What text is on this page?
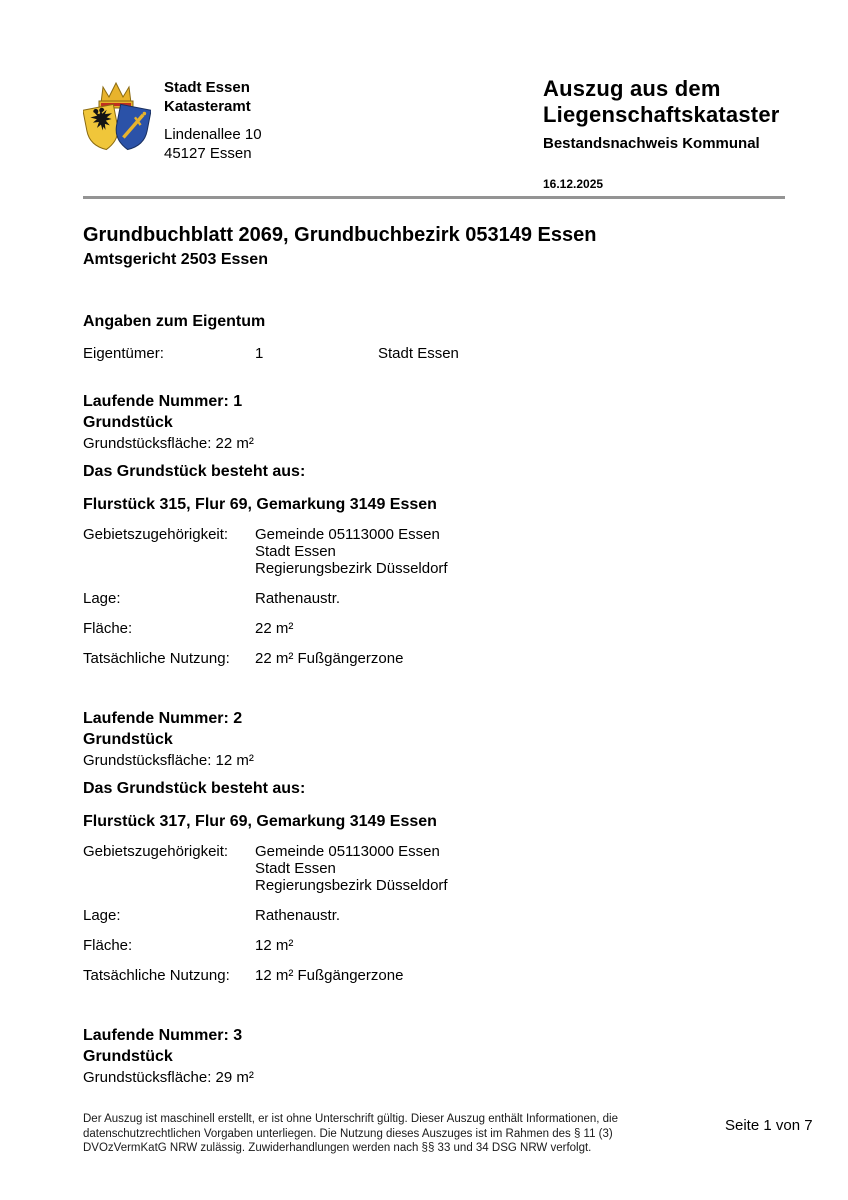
Stadt Essen
Katasteramt
Lindenallee 10
45127 Essen
Auszug aus dem
Liegenschaftskataster
Bestandsnachweis Kommunal
16.12.2025
Grundbuchblatt 2069, Grundbuchbezirk 053149 Essen
Amtsgericht 2503 Essen
Angaben zum Eigentum
Eigentümer:	1	Stadt Essen
Laufende Nummer: 1
Grundstück
Grundstücksfläche: 22 m²
Das Grundstück besteht aus:
Flurstück 315, Flur 69, Gemarkung 3149 Essen
Gebietszugehörigkeit:	Gemeinde 05113000 Essen
Stadt Essen
Regierungsbezirk Düsseldorf
Lage:	Rathenaustr.
Fläche:	22 m²
Tatsächliche Nutzung:	22 m² Fußgängerzone
Laufende Nummer: 2
Grundstück
Grundstücksfläche: 12 m²
Das Grundstück besteht aus:
Flurstück 317, Flur 69, Gemarkung 3149 Essen
Gebietszugehörigkeit:	Gemeinde 05113000 Essen
Stadt Essen
Regierungsbezirk Düsseldorf
Lage:	Rathenaustr.
Fläche:	12 m²
Tatsächliche Nutzung:	12 m² Fußgängerzone
Laufende Nummer: 3
Grundstück
Grundstücksfläche: 29 m²
Der Auszug ist maschinell erstellt, er ist ohne Unterschrift gültig. Dieser Auszug enthält Informationen, die datenschutzrechtlichen Vorgaben unterliegen. Die Nutzung dieses Auszuges ist im Rahmen des § 11 (3) DVOzVermKatG NRW zulässig. Zuwiderhandlungen werden nach §§ 33 und 34 DSG NRW verfolgt.
Seite 1 von 7
